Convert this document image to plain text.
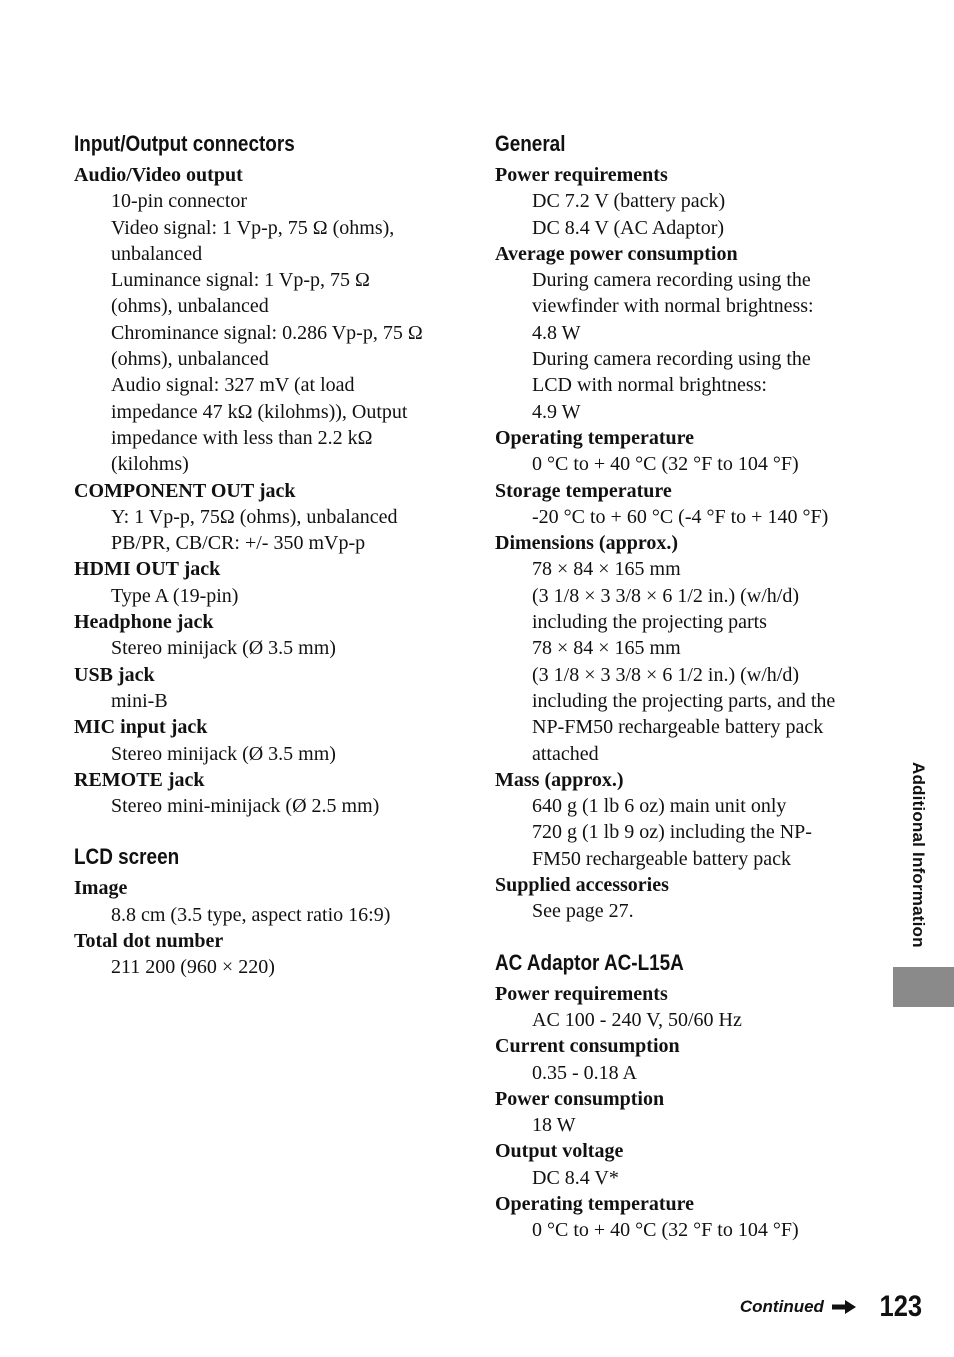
Input/Output connectors
Audio/Video output
10-pin connector
Video signal: 1 Vp-p, 75 Ω (ohms),
unbalanced
Luminance signal: 1 Vp-p, 75 Ω
(ohms), unbalanced
Chrominance signal: 0.286 Vp-p, 75 Ω
(ohms), unbalanced
Audio signal: 327 mV (at load
impedance 47 kΩ (kilohms)), Output
impedance with less than 2.2 kΩ
(kilohms)
COMPONENT OUT jack
Y: 1 Vp-p, 75Ω (ohms), unbalanced
PB/PR, CB/CR: +/- 350 mVp-p
HDMI OUT jack
Type A (19-pin)
Headphone jack
Stereo minijack (Ø 3.5 mm)
USB jack
mini-B
MIC input jack
Stereo minijack (Ø 3.5 mm)
REMOTE jack
Stereo mini-minijack (Ø 2.5 mm)
LCD screen
Image
8.8 cm (3.5 type, aspect ratio 16:9)
Total dot number
211 200 (960 × 220)
General
Power requirements
DC 7.2 V (battery pack)
DC 8.4 V (AC Adaptor)
Average power consumption
During camera recording using the
viewfinder with normal brightness:
4.8 W
During camera recording using the
LCD with normal brightness:
4.9 W
Operating temperature
0 °C to + 40 °C (32 °F to 104 °F)
Storage temperature
-20 °C to + 60 °C (-4 °F to + 140 °F)
Dimensions (approx.)
78 × 84 × 165 mm
(3 1/8 × 3 3/8 × 6 1/2 in.) (w/h/d)
including the projecting parts
78 × 84 × 165 mm
(3 1/8 × 3 3/8 × 6 1/2 in.) (w/h/d)
including the projecting parts, and the
NP-FM50 rechargeable battery pack
attached
Mass (approx.)
640 g (1 lb 6 oz) main unit only
720 g (1 lb 9 oz) including the NP-
FM50 rechargeable battery pack
Supplied accessories
See page 27.
AC Adaptor AC-L15A
Power requirements
AC 100 - 240 V, 50/60 Hz
Current consumption
0.35 - 0.18 A
Power consumption
18 W
Output voltage
DC 8.4 V*
Operating temperature
0 °C to + 40 °C (32 °F to 104 °F)
Additional Information
Continued 123
